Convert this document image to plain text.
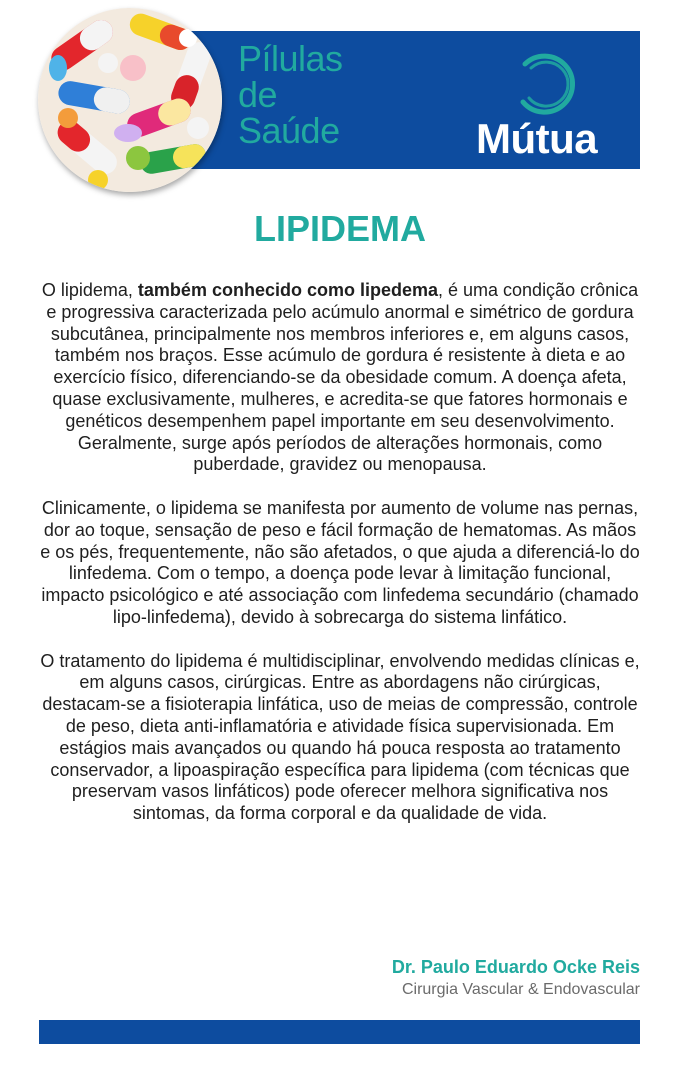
Pílulas
de
Saúde	Mútua
LIPIDEMA

O lipidema, também conhecido como lipedema, é uma condição crônica e progressiva caracterizada pelo acúmulo anormal e simétrico de gordura subcutânea, principalmente nos membros inferiores e, em alguns casos, também nos braços. Esse acúmulo de gordura é resistente à dieta e ao exercício físico, diferenciando-se da obesidade comum. A doença afeta, quase exclusivamente, mulheres, e acredita-se que fatores hormonais e genéticos desempenhem papel importante em seu desenvolvimento. Geralmente, surge após períodos de alterações hormonais, como puberdade, gravidez ou menopausa.

Clinicamente, o lipidema se manifesta por aumento de volume nas pernas, dor ao toque, sensação de peso e fácil formação de hematomas. As mãos e os pés, frequentemente, não são afetados, o que ajuda a diferenciá-lo do linfedema. Com o tempo, a doença pode levar à limitação funcional, impacto psicológico e até associação com linfedema secundário (chamado lipo-linfedema), devido à sobrecarga do sistema linfático.

O tratamento do lipidema é multidisciplinar, envolvendo medidas clínicas e, em alguns casos, cirúrgicas. Entre as abordagens não cirúrgicas, destacam-se a fisioterapia linfática, uso de meias de compressão, controle de peso, dieta anti-inflamatória e atividade física supervisionada. Em estágios mais avançados ou quando há pouca resposta ao tratamento conservador, a lipoaspiração específica para lipidema (com técnicas que preservam vasos linfáticos) pode oferecer melhora significativa nos sintomas, da forma corporal e da qualidade de vida.

Dr. Paulo Eduardo Ocke Reis

Cirurgia Vascular & Endovascular
